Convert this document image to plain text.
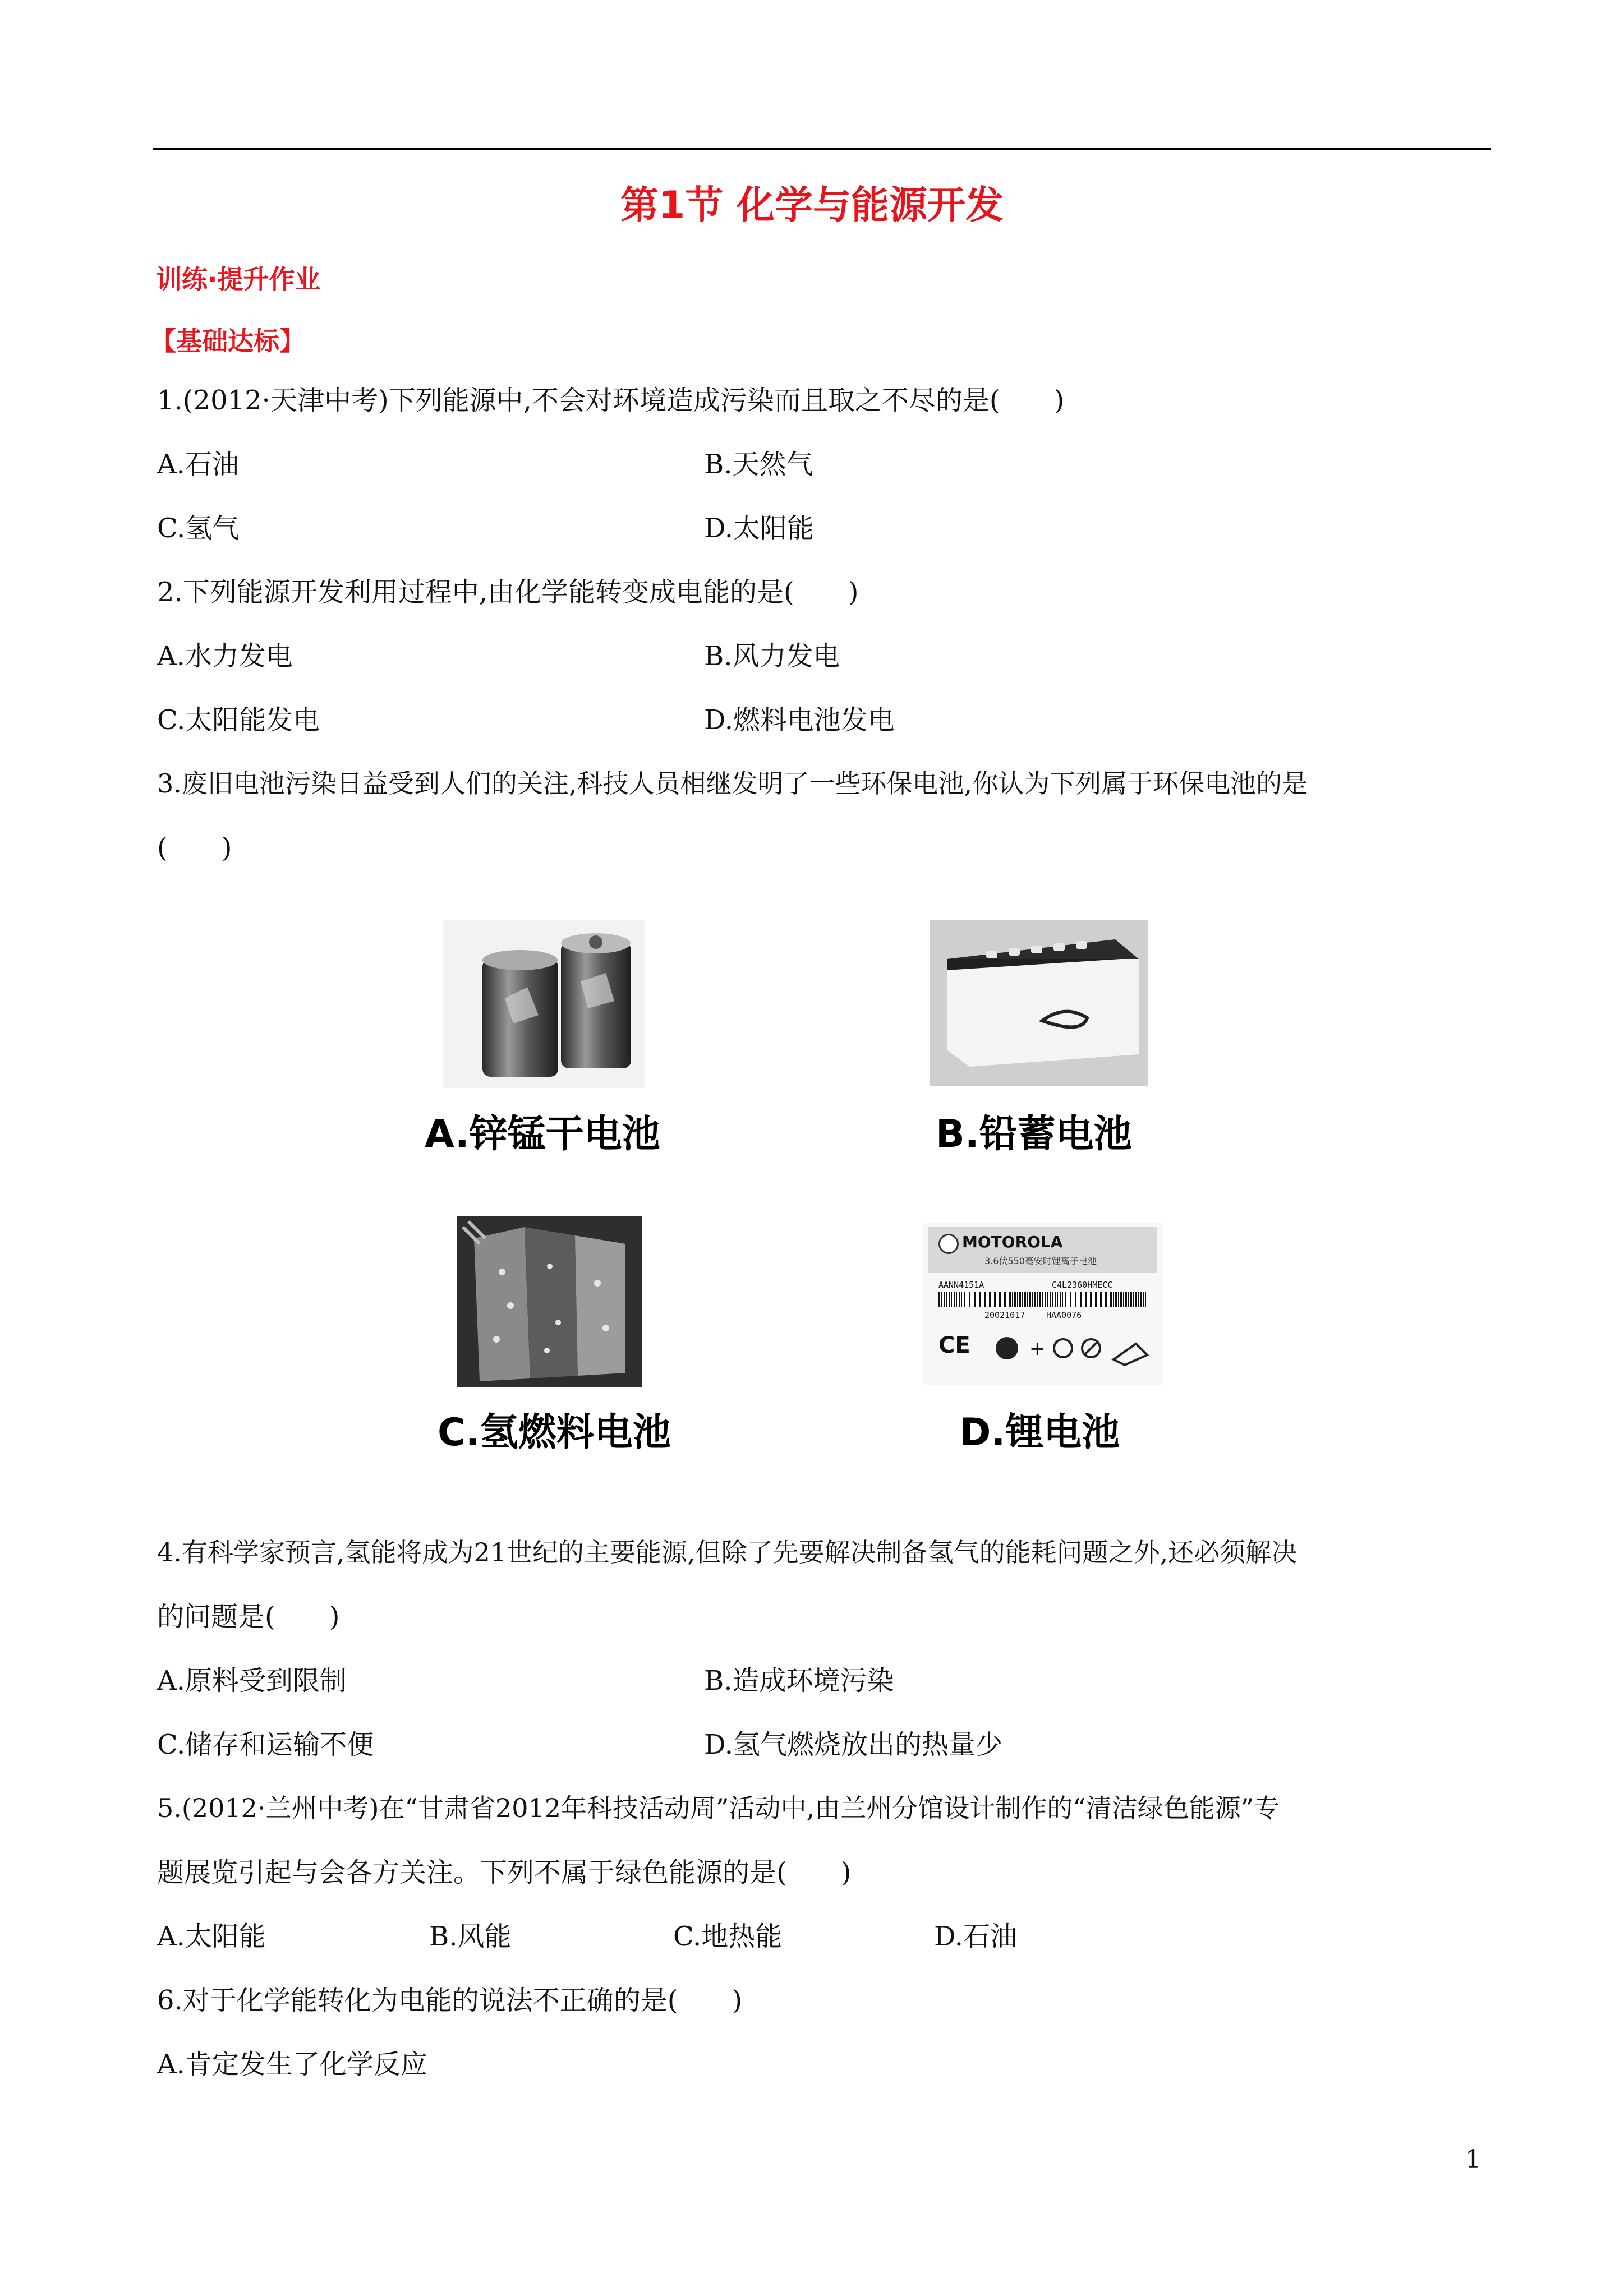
第1节 化学与能源开发
训练·提升作业
【基础达标】
1.(2012·天津中考)下列能源中,不会对环境造成污染而且取之不尽的是(　　)
A.石油	B.天然气
C.氢气	D.太阳能
2.下列能源开发利用过程中,由化学能转变成电能的是(　　)
A.水力发电	B.风力发电
C.太阳能发电	D.燃料电池发电
3.废旧电池污染日益受到人们的关注,科技人员相继发明了一些环保电池,你认为下列属于环保电池的是
(　　)
A.锌锰干电池	B.铅蓄电池
C.氢燃料电池
MOTOROLA
3.6伏550毫安时锂离子电池
AANN4151A	C4L2360HMECC
20021017	HAA0076
CE	+
D.锂电池
4.有科学家预言,氢能将成为21世纪的主要能源,但除了先要解决制备氢气的能耗问题之外,还必须解决
的问题是(　　)
A.原料受到限制	B.造成环境污染
C.储存和运输不便	D.氢气燃烧放出的热量少
5.(2012·兰州中考)在“甘肃省2012年科技活动周”活动中,由兰州分馆设计制作的“清洁绿色能源”专
题展览引起与会各方关注。下列不属于绿色能源的是(　　)
A.太阳能	B.风能	C.地热能	D.石油
6.对于化学能转化为电能的说法不正确的是(　　)
A.肯定发生了化学反应
1
